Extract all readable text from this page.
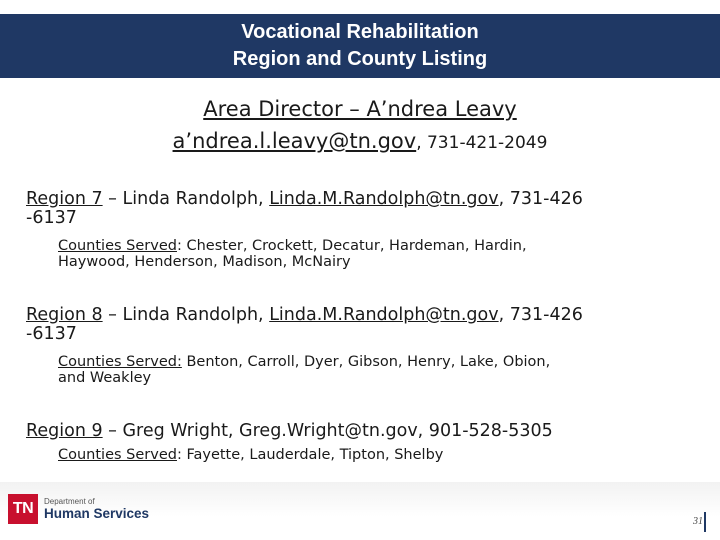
Vocational Rehabilitation
Region and County Listing
Area Director – A’ndrea Leavy
a’ndrea.l.leavy@tn.gov, 731-421-2049
Region 7 – Linda Randolph, Linda.M.Randolph@tn.gov, 731-426
-6137
Counties Served: Chester, Crockett, Decatur, Hardeman, Hardin,
Haywood, Henderson, Madison, McNairy
Region 8 – Linda Randolph, Linda.M.Randolph@tn.gov, 731-426
-6137
Counties Served: Benton, Carroll, Dyer, Gibson, Henry, Lake, Obion,
and Weakley
Region 9 – Greg Wright, Greg.Wright@tn.gov, 901-528-5305
Counties Served: Fayette, Lauderdale, Tipton, Shelby
TN	Department of
Human Services
31
